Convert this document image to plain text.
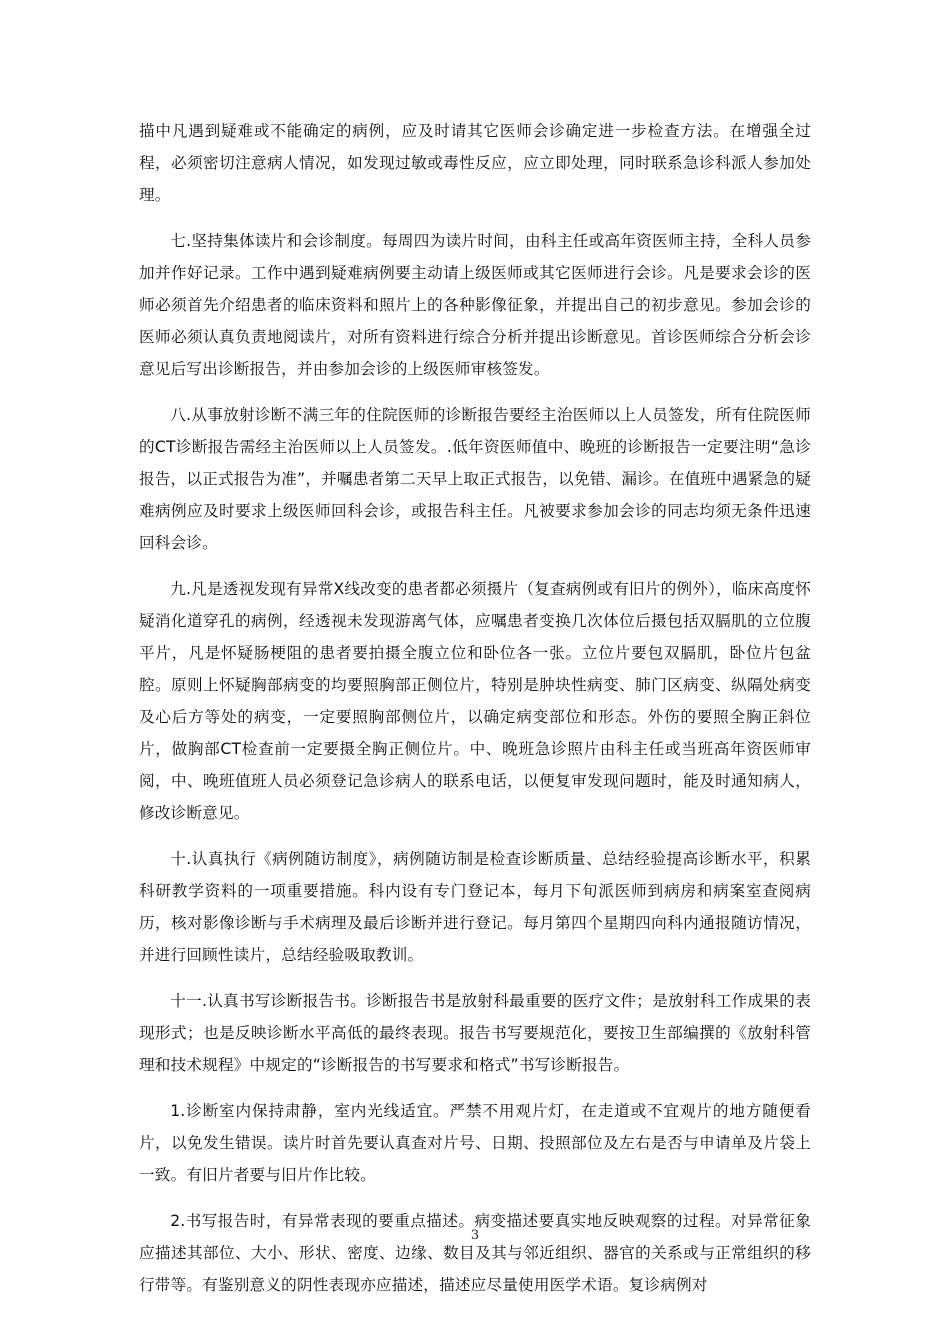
描中凡遇到疑难或不能确定的病例，应及时请其它医师会诊确定进一步检查方法。在增强全过程，必须密切注意病人情况，如发现过敏或毒性反应，应立即处理，同时联系急诊科派人参加处理。

七.坚持集体读片和会诊制度。每周四为读片时间，由科主任或高年资医师主持，全科人员参加并作好记录。工作中遇到疑难病例要主动请上级医师或其它医师进行会诊。凡是要求会诊的医师必须首先介绍患者的临床资料和照片上的各种影像征象，并提出自己的初步意见。参加会诊的医师必须认真负责地阅读片，对所有资料进行综合分析并提出诊断意见。首诊医师综合分析会诊意见后写出诊断报告，并由参加会诊的上级医师审核签发。

八.从事放射诊断不满三年的住院医师的诊断报告要经主治医师以上人员签发，所有住院医师的CT诊断报告需经主治医师以上人员签发。.低年资医师值中、晚班的诊断报告一定要注明“急诊报告，以正式报告为准”，并嘱患者第二天早上取正式报告，以免错、漏诊。在值班中遇紧急的疑难病例应及时要求上级医师回科会诊，或报告科主任。凡被要求参加会诊的同志均须无条件迅速回科会诊。

九.凡是透视发现有异常X线改变的患者都必须摄片（复查病例或有旧片的例外），临床高度怀疑消化道穿孔的病例，经透视未发现游离气体，应嘱患者变换几次体位后摄包括双膈肌的立位腹平片，凡是怀疑肠梗阻的患者要拍摄全腹立位和卧位各一张。立位片要包双膈肌，卧位片包盆腔。原则上怀疑胸部病变的均要照胸部正侧位片，特别是肿块性病变、肺门区病变、纵隔处病变及心后方等处的病变，一定要照胸部侧位片，以确定病变部位和形态。外伤的要照全胸正斜位片，做胸部CT检查前一定要摄全胸正侧位片。中、晚班急诊照片由科主任或当班高年资医师审阅，中、晚班值班人员必须登记急诊病人的联系电话，以便复审发现问题时，能及时通知病人，修改诊断意见。

十.认真执行《病例随访制度》，病例随访制是检查诊断质量、总结经验提高诊断水平，积累科研教学资料的一项重要措施。科内设有专门登记本，每月下旬派医师到病房和病案室查阅病历，核对影像诊断与手术病理及最后诊断并进行登记。每月第四个星期四向科内通报随访情况，并进行回顾性读片，总结经验吸取教训。

十一.认真书写诊断报告书。诊断报告书是放射科最重要的医疗文件；是放射科工作成果的表现形式；也是反映诊断水平高低的最终表现。报告书写要规范化，要按卫生部编撰的《放射科管理和技术规程》中规定的“诊断报告的书写要求和格式”书写诊断报告。

1.诊断室内保持肃静，室内光线适宜。严禁不用观片灯，在走道或不宜观片的地方随便看片，以免发生错误。读片时首先要认真查对片号、日期、投照部位及左右是否与申请单及片袋上一致。有旧片者要与旧片作比较。

2.书写报告时，有异常表现的要重点描述。病变描述要真实地反映观察的过程。对异常征象应描述其部位、大小、形状、密度、边缘、数目及其与邻近组织、器官的关系或与正常组织的移行带等。有鉴别意义的阴性表现亦应描述，描述应尽量使用医学术语。复诊病例对

3
